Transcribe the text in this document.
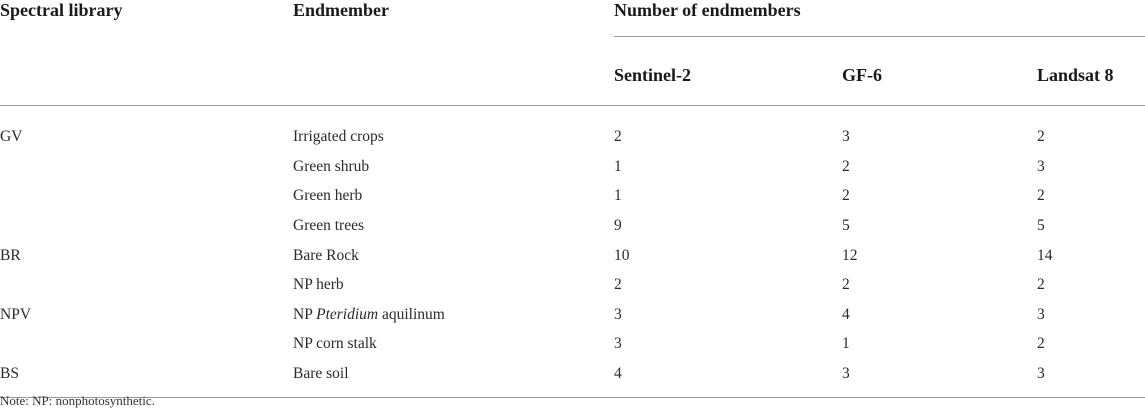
Spectral library	Endmember	Number of endmembers		
		Sentinel-2	GF-6	Landsat 8
GV	Irrigated crops	2	3	2
	Green shrub	1	2	3
	Green herb	1	2	2
	Green trees	9	5	5
BR	Bare Rock	10	12	14
	NP herb	2	2	2
NPV	NP Pteridium aquilinum	3	4	3
	NP corn stalk	3	1	2
BS	Bare soil	4	3	3
Note: NP: nonphotosynthetic.
